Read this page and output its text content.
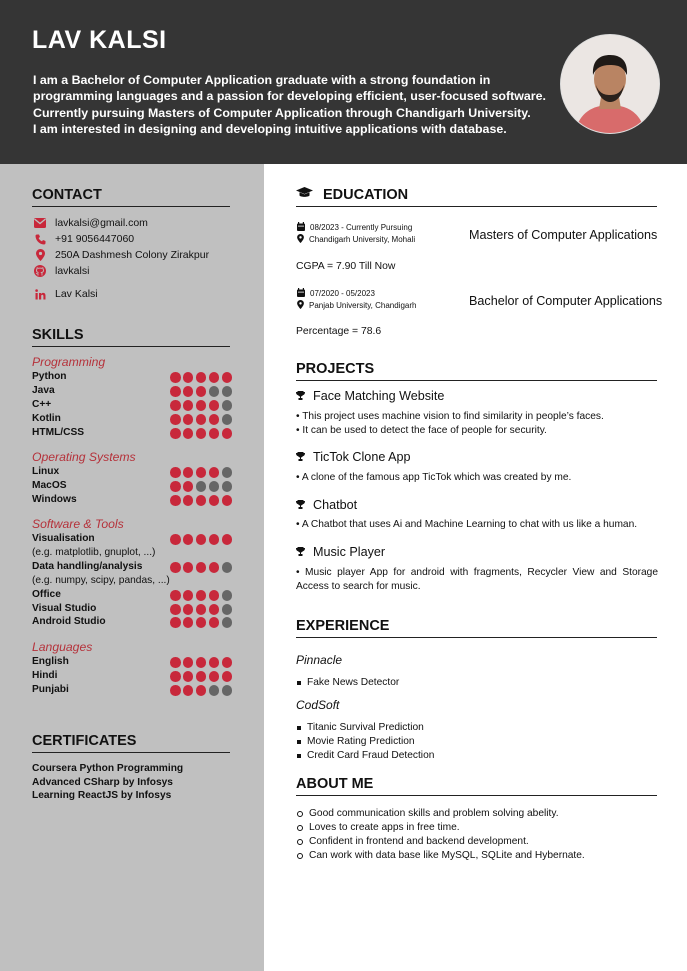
LAV KALSI
I am a Bachelor of Computer Application graduate with a strong foundation in
programming languages and a passion for developing efficient, user-focused software.
Currently pursuing Masters of Computer Application through Chandigarh University.
I am interested in designing and developing intuitive applications with database.
CONTACT
lavkalsi@gmail.com
+91 9056447060
250A Dashmesh Colony Zirakpur
lavkalsi
Lav Kalsi
SKILLS
Programming
Python
Java
C++
Kotlin
HTML/CSS
Operating Systems
Linux
MacOS
Windows
Software & Tools
Visualisation
(e.g. matplotlib, gnuplot, ...)
Data handling/analysis
(e.g. numpy, scipy, pandas, ...)
Office
Visual Studio
Android Studio
Languages
English
Hindi
Punjabi
CERTIFICATES
Coursera Python Programming
Advanced CSharp by Infosys
Learning ReactJS by Infosys
EDUCATION
08/2023 - Currently Pursuing
Chandigarh University, Mohali	Masters of Computer Applications
CGPA = 7.90 Till Now
07/2020 - 05/2023
Panjab University, Chandigarh	Bachelor of Computer Applications
Percentage = 78.6
PROJECTS
Face Matching Website
• This project uses machine vision to find similarity in people’s faces.
• It can be used to detect the face of people for security.
TicTok Clone App
• A clone of the famous app TicTok which was created by me.
Chatbot
• A Chatbot that uses Ai and Machine Learning to chat with us like a human.
Music Player
• Music player App for android with fragments, Recycler View and Storage Access to search for music.
EXPERIENCE
Pinnacle
Fake News Detector
CodSoft
Titanic Survival Prediction
Movie Rating Prediction
Credit Card Fraud Detection
ABOUT ME
Good communication skills and problem solving abelity.
Loves to create apps in free time.
Confident in frontend and backend development.
Can work with data base like MySQL, SQLite and Hybernate.
